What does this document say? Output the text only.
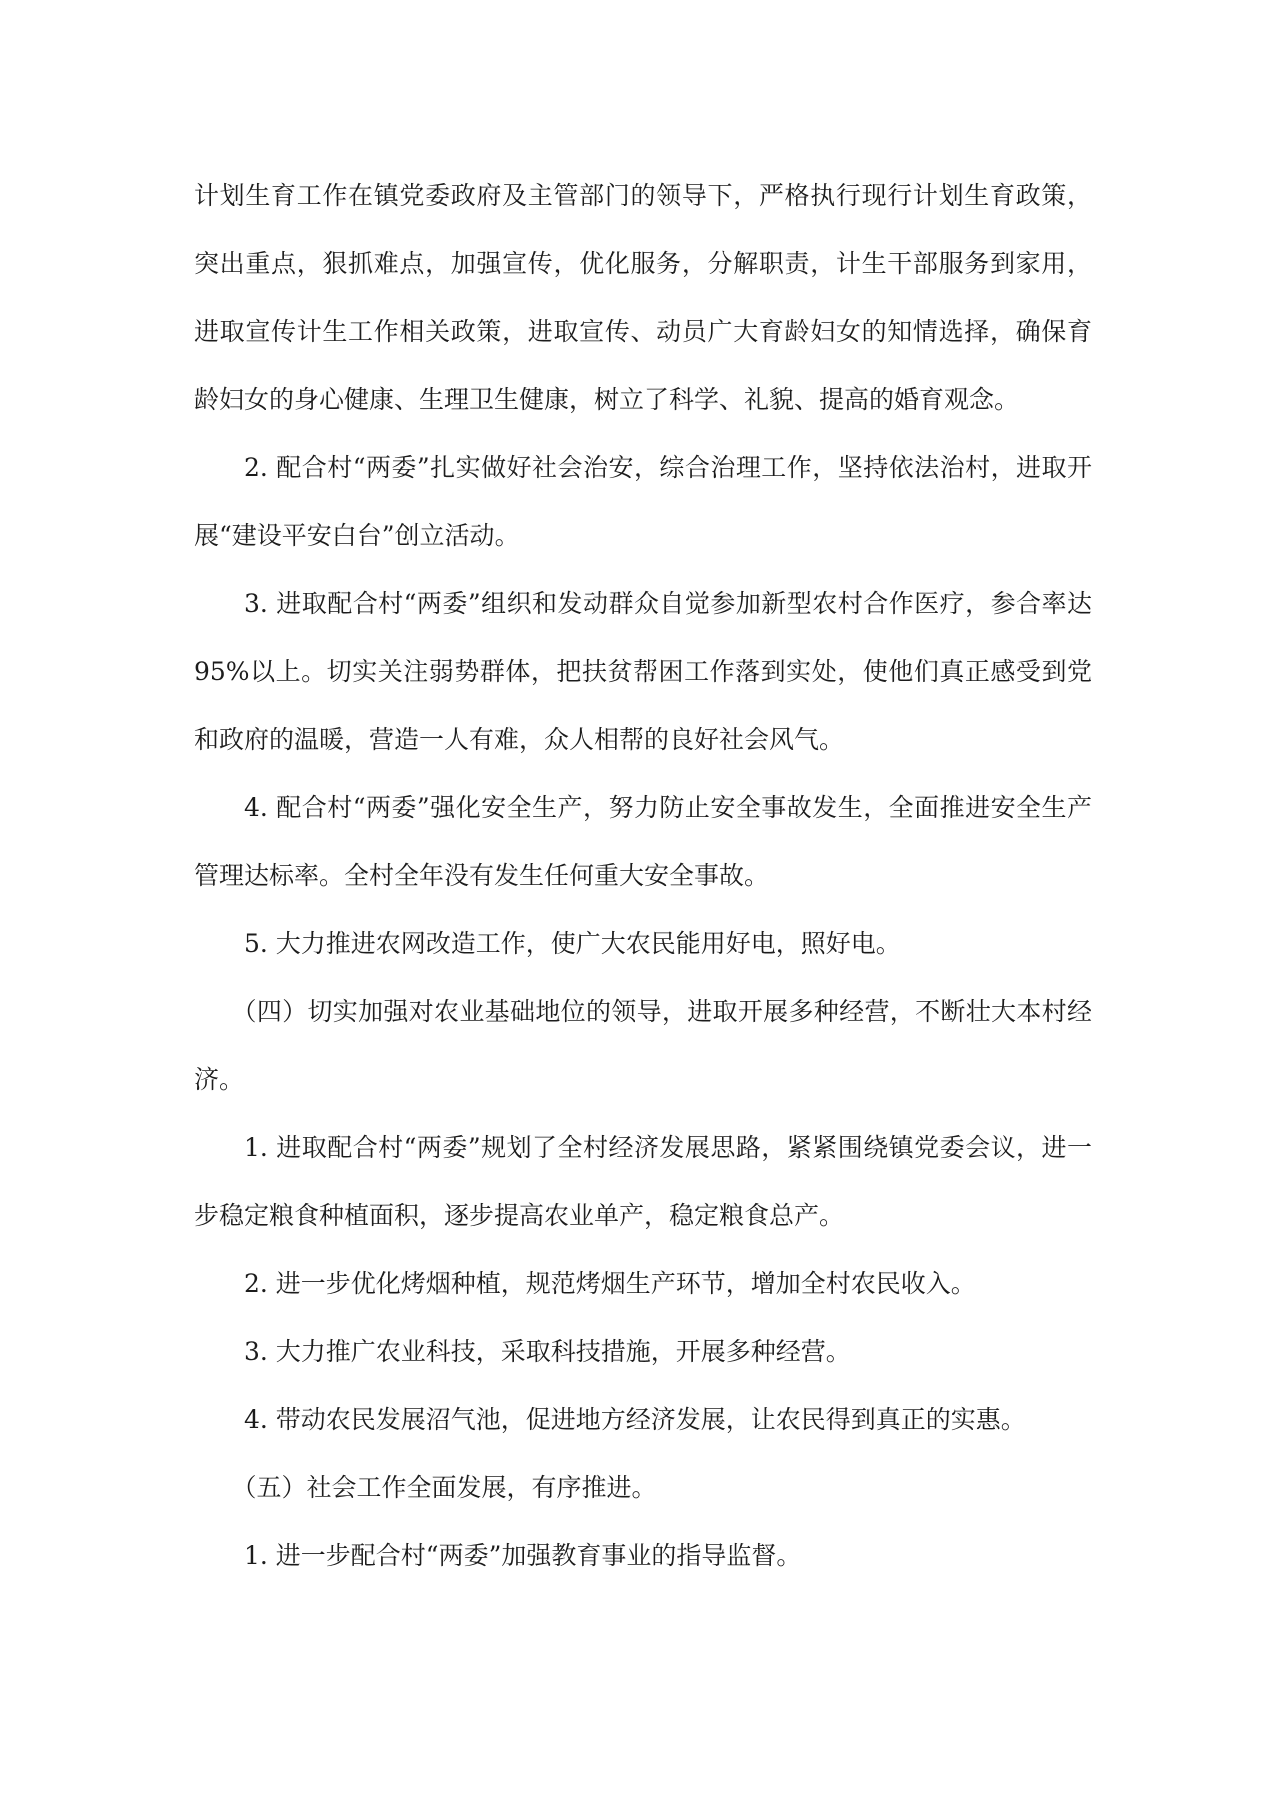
计划生育工作在镇党委政府及主管部门的领导下，严格执行现行计划生育政策，突出重点，狠抓难点，加强宣传，优化服务，分解职责，计生干部服务到家用，进取宣传计生工作相关政策，进取宣传、动员广大育龄妇女的知情选择，确保育龄妇女的身心健康、生理卫生健康，树立了科学、礼貌、提高的婚育观念。

2. 配合村“两委”扎实做好社会治安，综合治理工作，坚持依法治村，进取开展“建设平安白台”创立活动。

3. 进取配合村“两委”组织和发动群众自觉参加新型农村合作医疗，参合率达95%以上。切实关注弱势群体，把扶贫帮困工作落到实处，使他们真正感受到党和政府的温暖，营造一人有难，众人相帮的良好社会风气。

4. 配合村“两委”强化安全生产，努力防止安全事故发生，全面推进安全生产管理达标率。全村全年没有发生任何重大安全事故。

5. 大力推进农网改造工作，使广大农民能用好电，照好电。

（四）切实加强对农业基础地位的领导，进取开展多种经营，不断壮大本村经济。

1. 进取配合村“两委”规划了全村经济发展思路，紧紧围绕镇党委会议，进一步稳定粮食种植面积，逐步提高农业单产，稳定粮食总产。

2. 进一步优化烤烟种植，规范烤烟生产环节，增加全村农民收入。

3. 大力推广农业科技，采取科技措施，开展多种经营。

4. 带动农民发展沼气池，促进地方经济发展，让农民得到真正的实惠。

（五）社会工作全面发展，有序推进。

1. 进一步配合村“两委”加强教育事业的指导监督。
